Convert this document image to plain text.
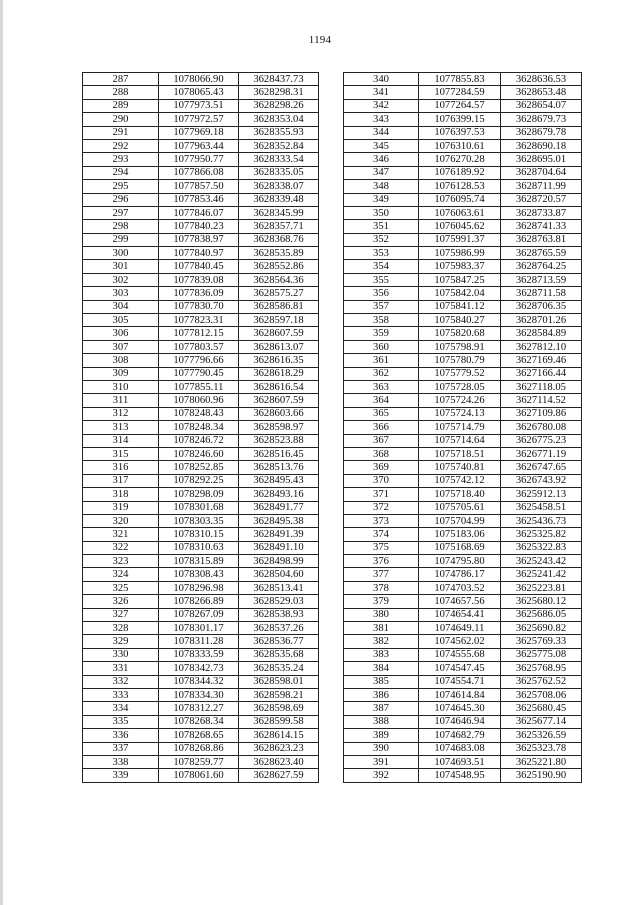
1194
287	1078066.90	3628437.73
288	1078065.43	3628298.31
289	1077973.51	3628298.26
290	1077972.57	3628353.04
291	1077969.18	3628355.93
292	1077963.44	3628352.84
293	1077950.77	3628333.54
294	1077866.08	3628335.05
295	1077857.50	3628338.07
296	1077853.46	3628339.48
297	1077846.07	3628345.99
298	1077840.23	3628357.71
299	1077838.97	3628368.76
300	1077840.97	3628535.89
301	1077840.45	3628552.86
302	1077839.08	3628564.36
303	1077836.09	3628575.27
304	1077830.70	3628586.81
305	1077823.31	3628597.18
306	1077812.15	3628607.59
307	1077803.57	3628613.07
308	1077796.66	3628616.35
309	1077790.45	3628618.29
310	1077855.11	3628616.54
311	1078060.96	3628607.59
312	1078248.43	3628603.66
313	1078248.34	3628598.97
314	1078246.72	3628523.88
315	1078246.60	3628516.45
316	1078252.85	3628513.76
317	1078292.25	3628495.43
318	1078298.09	3628493.16
319	1078301.68	3628491.77
320	1078303.35	3628495.38
321	1078310.15	3628491.39
322	1078310.63	3628491.10
323	1078315.89	3628498.99
324	1078308.43	3628504.60
325	1078296.98	3628513.41
326	1078266.89	3628529.03
327	1078267.09	3628538.93
328	1078301.17	3628537.26
329	1078311.28	3628536.77
330	1078333.59	3628535.68
331	1078342.73	3628535.24
332	1078344.32	3628598.01
333	1078334.30	3628598.21
334	1078312.27	3628598.69
335	1078268.34	3628599.58
336	1078268.65	3628614.15
337	1078268.86	3628623.23
338	1078259.77	3628623.40
339	1078061.60	3628627.59
340	1077855.83	3628636.53
341	1077284.59	3628653.48
342	1077264.57	3628654.07
343	1076399.15	3628679.73
344	1076397.53	3628679.78
345	1076310.61	3628690.18
346	1076270.28	3628695.01
347	1076189.92	3628704.64
348	1076128.53	3628711.99
349	1076095.74	3628720.57
350	1076063.61	3628733.87
351	1076045.62	3628741.33
352	1075991.37	3628763.81
353	1075986.99	3628765.59
354	1075983.37	3628764.25
355	1075847.25	3628713.59
356	1075842.04	3628711.58
357	1075841.12	3628706.35
358	1075840.27	3628701.26
359	1075820.68	3628584.89
360	1075798.91	3627812.10
361	1075780.79	3627169.46
362	1075779.52	3627166.44
363	1075728.05	3627118.05
364	1075724.26	3627114.52
365	1075724.13	3627109.86
366	1075714.79	3626780.08
367	1075714.64	3626775.23
368	1075718.51	3626771.19
369	1075740.81	3626747.65
370	1075742.12	3626743.92
371	1075718.40	3625912.13
372	1075705.61	3625458.51
373	1075704.99	3625436.73
374	1075183.06	3625325.82
375	1075168.69	3625322.83
376	1074795.80	3625243.42
377	1074786.17	3625241.42
378	1074703.52	3625223.81
379	1074657.56	3625680.12
380	1074654.41	3625686.05
381	1074649.11	3625690.82
382	1074562.02	3625769.33
383	1074555.68	3625775.08
384	1074547.45	3625768.95
385	1074554.71	3625762.52
386	1074614.84	3625708.06
387	1074645.30	3625680.45
388	1074646.94	3625677.14
389	1074682.79	3625326.59
390	1074683.08	3625323.78
391	1074693.51	3625221.80
392	1074548.95	3625190.90
